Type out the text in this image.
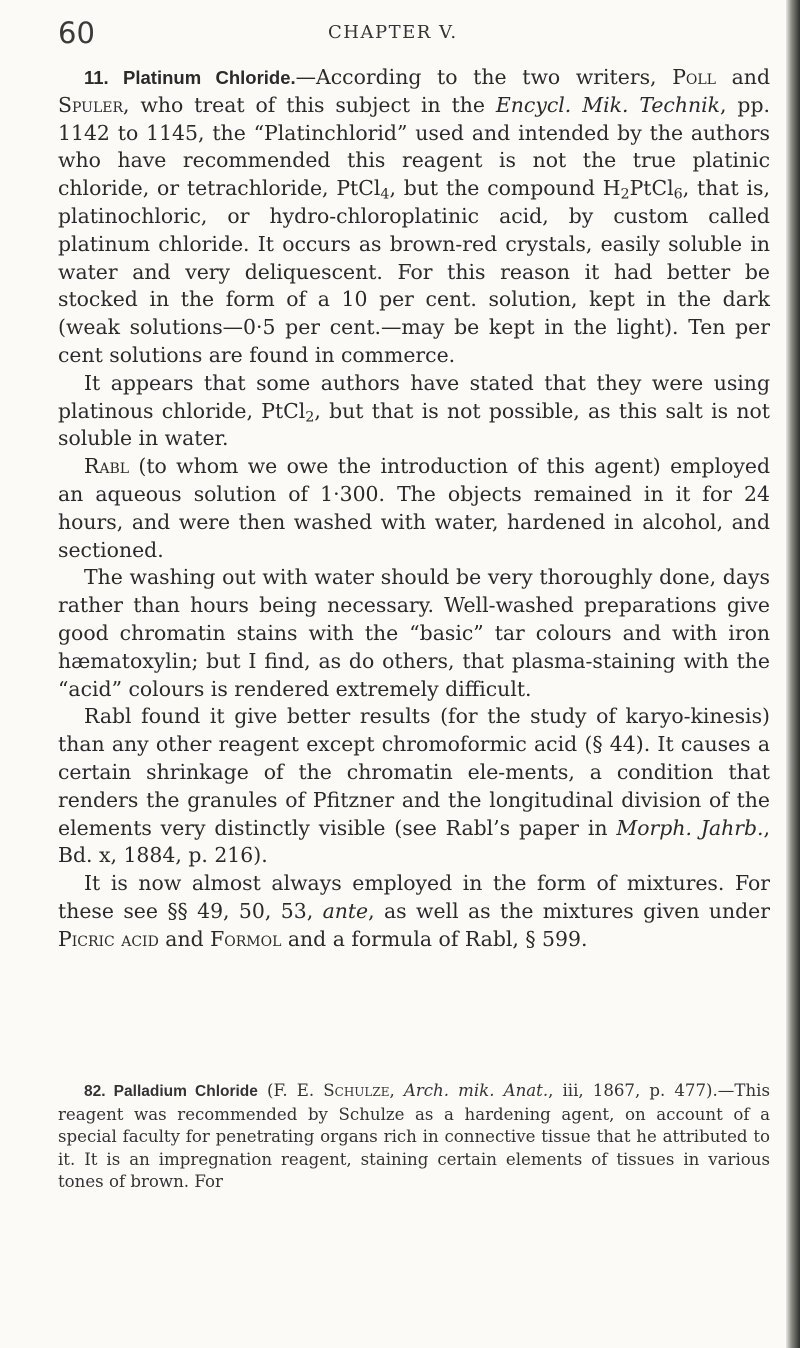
60	CHAPTER V.

11. Platinum Chloride.—According to the two writers, Poll and Spuler, who treat of this subject in the Encycl. Mik. Technik, pp. 1142 to 1145, the “Platinchlorid” used and intended by the authors who have recommended this reagent is not the true platinic chloride, or tetrachloride, PtCl$_4$, but the compound $H_2PtCl_6$, that is, platinochloric, or hydro-chloroplatinic acid, by custom called platinum chloride. It occurs as brown-red crystals, easily soluble in water and very deliquescent. For this reason it had better be stocked in the form of a 10 per cent. solution, kept in the dark (weak solutions—0·5 per cent.—may be kept in the light). Ten per cent solutions are found in commerce.

It appears that some authors have stated that they were using platinous chloride, PtCl$_2$, but that is not possible, as this salt is not soluble in water.

Rabl (to whom we owe the introduction of this agent) employed an aqueous solution of 1·300. The objects remained in it for 24 hours, and were then washed with water, hardened in alcohol, and sectioned.

The washing out with water should be very thoroughly done, days rather than hours being necessary. Well-washed preparations give good chromatin stains with the “basic” tar colours and with iron hæmatoxylin; but I find, as do others, that plasma-staining with the “acid” colours is rendered extremely difficult.

Rabl found it give better results (for the study of karyo-kinesis) than any other reagent except chromoformic acid (§ 44). It causes a certain shrinkage of the chromatin ele-ments, a condition that renders the granules of Pfitzner and the longitudinal division of the elements very distinctly visible (see Rabl’s paper in Morph. Jahrb., Bd. x, 1884, p. 216).

It is now almost always employed in the form of mixtures. For these see §§ 49, 50, 53, ante, as well as the mixtures given under Picric acid and Formol and a formula of Rabl, § 599.

82. Palladium Chloride (F. E. Schulze, Arch. mik. Anat., iii, 1867, p. 477).—This reagent was recommended by Schulze as a hardening agent, on account of a special faculty for penetrating organs rich in connective tissue that he attributed to it. It is an impregnation reagent, staining certain elements of tissues in various tones of brown. For
